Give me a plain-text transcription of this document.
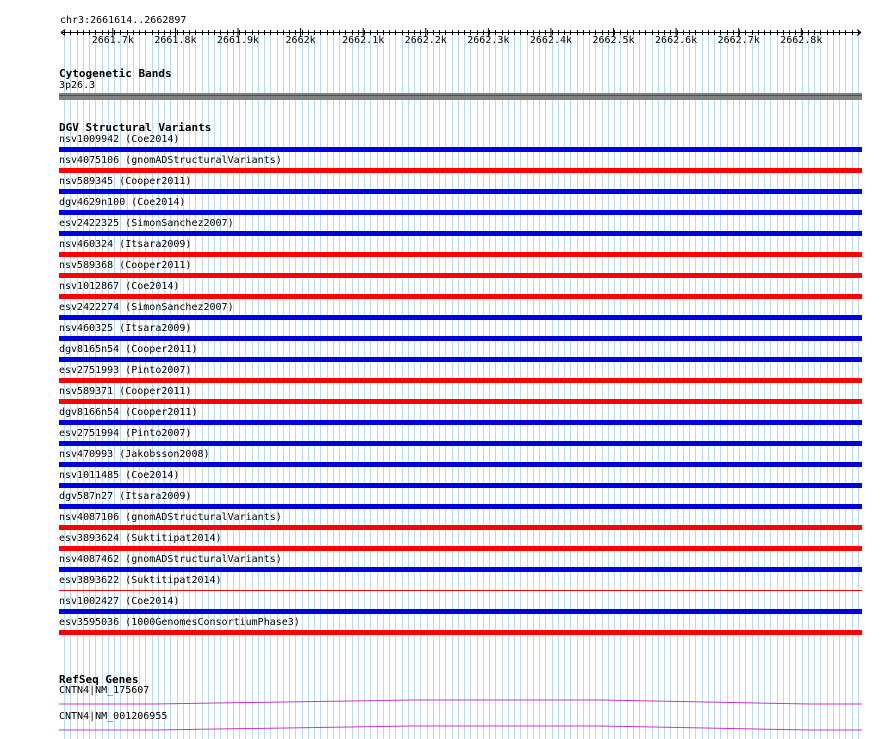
chr3:2661614..2662897
2661.7k 2661.8k 2661.9k	2662k	2662.1k 2662.2k 2662.3k 2662.4k 2662.5k 2662.6k 2662.7k 2662.8k
Cytogenetic Bands
3p26.3
DGV Structural Variants
nsv1009942 (Coe2014)
nsv4075106 (gnomADStructuralVariants)
nsv589345 (Cooper2011)
dgv4629n100 (Coe2014)
esv2422325 (SimonSanchez2007)
nsv460324 (Itsara2009)
nsv589368 (Cooper2011)
nsv1012867 (Coe2014)
esv2422274 (SimonSanchez2007)
nsv460325 (Itsara2009)
dgv8165n54 (Cooper2011)
esv2751993 (Pinto2007)
nsv589371 (Cooper2011)
dgv8166n54 (Cooper2011)
esv2751994 (Pinto2007)
nsv470993 (Jakobsson2008)
nsv1011485 (Coe2014)
dgv587n27 (Itsara2009)
nsv4087106 (gnomADStructuralVariants)
esv3893624 (Suktitipat2014)
nsv4087462 (gnomADStructuralVariants)
esv3893622 (Suktitipat2014)
nsv1002427 (Coe2014)
esv3595036 (1000GenomesConsortiumPhase3)
RefSeq Genes
CNTN4|NM_175607
CNTN4|NM_001206955
